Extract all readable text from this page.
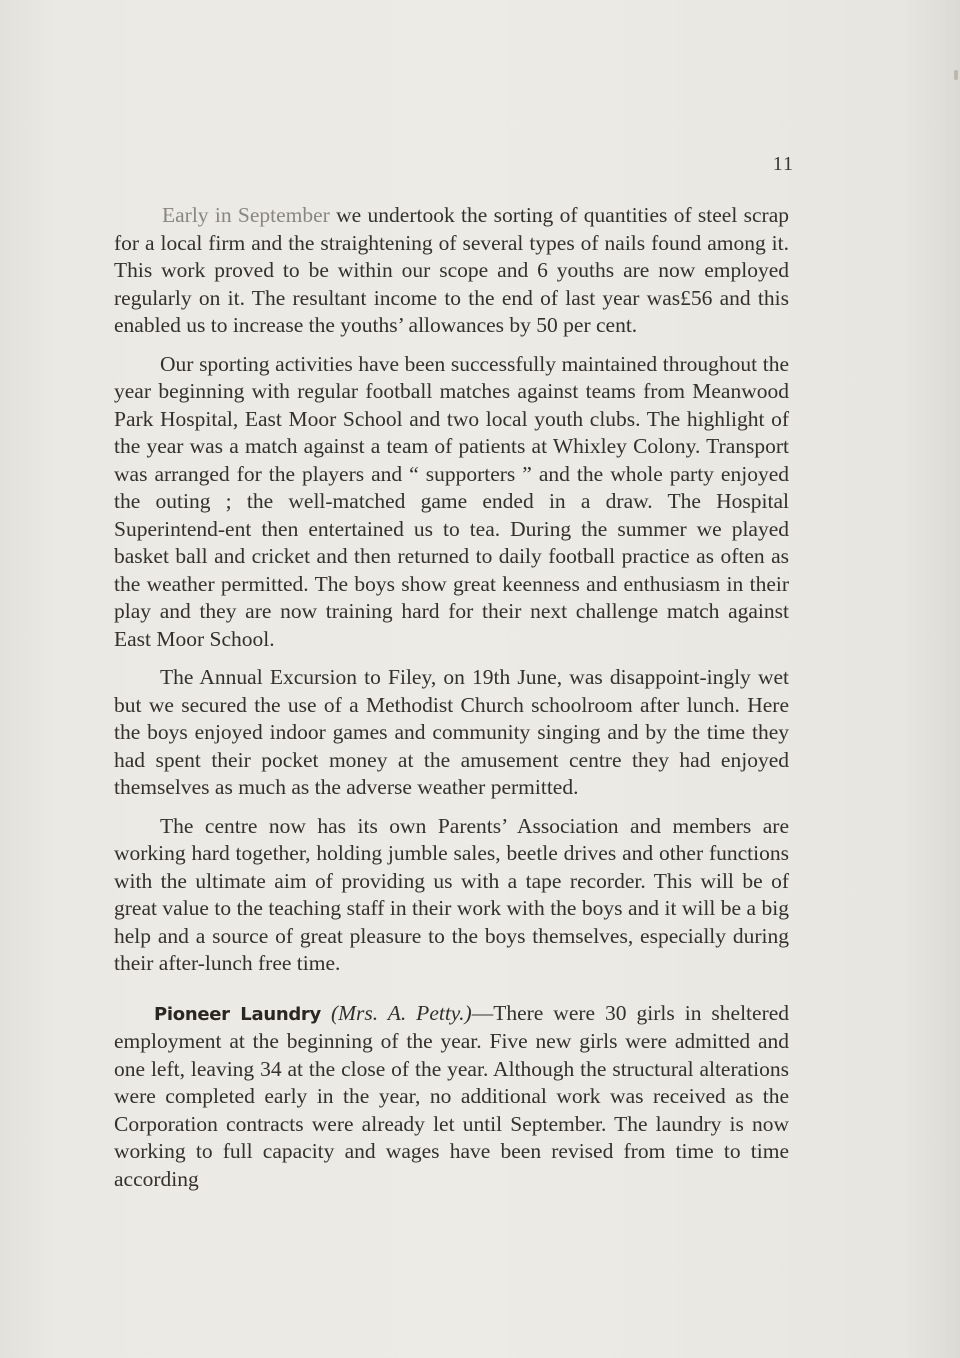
11

Early in September we undertook the sorting of quantities of steel scrap for a local firm and the straightening of several types of nails found among it. This work proved to be within our scope and 6 youths are now employed regularly on it. The resultant income to the end of last year was£56 and this enabled us to increase the youths’ allowances by 50 per cent.

Our sporting activities have been successfully maintained throughout the year beginning with regular football matches against teams from Meanwood Park Hospital, East Moor School and two local youth clubs. The highlight of the year was a match against a team of patients at Whixley Colony. Transport was arranged for the players and “ supporters ” and the whole party enjoyed the outing ; the well-matched game ended in a draw. The Hospital Superintend-ent then entertained us to tea. During the summer we played basket ball and cricket and then returned to daily football practice as often as the weather permitted. The boys show great keenness and enthusiasm in their play and they are now training hard for their next challenge match against East Moor School.

The Annual Excursion to Filey, on 19th June, was disappoint-ingly wet but we secured the use of a Methodist Church schoolroom after lunch. Here the boys enjoyed indoor games and community singing and by the time they had spent their pocket money at the amusement centre they had enjoyed themselves as much as the adverse weather permitted.

The centre now has its own Parents’ Association and members are working hard together, holding jumble sales, beetle drives and other functions with the ultimate aim of providing us with a tape recorder. This will be of great value to the teaching staff in their work with the boys and it will be a big help and a source of great pleasure to the boys themselves, especially during their after-lunch free time.

Pioneer Laundry (Mrs. A. Petty.)—There were 30 girls in sheltered employment at the beginning of the year. Five new girls were admitted and one left, leaving 34 at the close of the year. Although the structural alterations were completed early in the year, no additional work was received as the Corporation contracts were already let until September. The laundry is now working to full capacity and wages have been revised from time to time according
